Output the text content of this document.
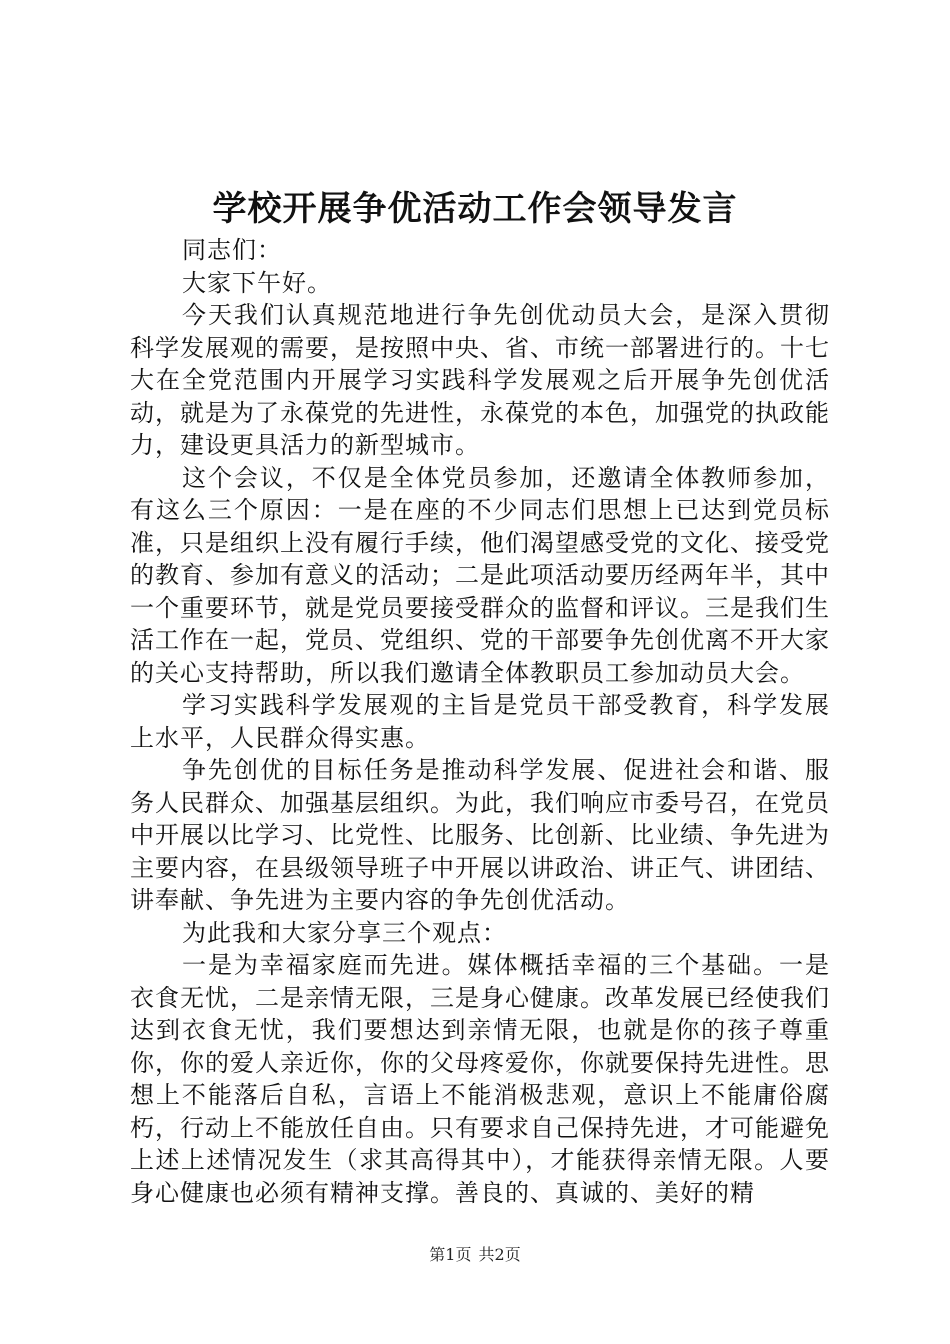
学校开展争优活动工作会领导发言

同志们：

大家下午好。

今天我们认真规范地进行争先创优动员大会，是深入贯彻科学发展观的需要，是按照中央、省、市统一部署进行的。十七大在全党范围内开展学习实践科学发展观之后开展争先创优活动，就是为了永葆党的先进性，永葆党的本色，加强党的执政能力，建设更具活力的新型城市。

这个会议，不仅是全体党员参加，还邀请全体教师参加，有这么三个原因：一是在座的不少同志们思想上已达到党员标准，只是组织上没有履行手续，他们渴望感受党的文化、接受党的教育、参加有意义的活动；二是此项活动要历经两年半，其中一个重要环节，就是党员要接受群众的监督和评议。三是我们生活工作在一起，党员、党组织、党的干部要争先创优离不开大家的关心支持帮助，所以我们邀请全体教职员工参加动员大会。

学习实践科学发展观的主旨是党员干部受教育，科学发展上水平，人民群众得实惠。

争先创优的目标任务是推动科学发展、促进社会和谐、服务人民群众、加强基层组织。为此，我们响应市委号召，在党员中开展以比学习、比党性、比服务、比创新、比业绩、争先进为主要内容，在县级领导班子中开展以讲政治、讲正气、讲团结、讲奉献、争先进为主要内容的争先创优活动。

为此我和大家分享三个观点：

一是为幸福家庭而先进。媒体概括幸福的三个基础。一是衣食无忧，二是亲情无限，三是身心健康。改革发展已经使我们达到衣食无忧，我们要想达到亲情无限，也就是你的孩子尊重你，你的爱人亲近你，你的父母疼爱你，你就要保持先进性。思想上不能落后自私，言语上不能消极悲观，意识上不能庸俗腐朽，行动上不能放任自由。只有要求自己保持先进，才可能避免上述上述情况发生（求其高得其中），才能获得亲情无限。人要身心健康也必须有精神支撑。善良的、真诚的、美好的精

第1页 共2页
